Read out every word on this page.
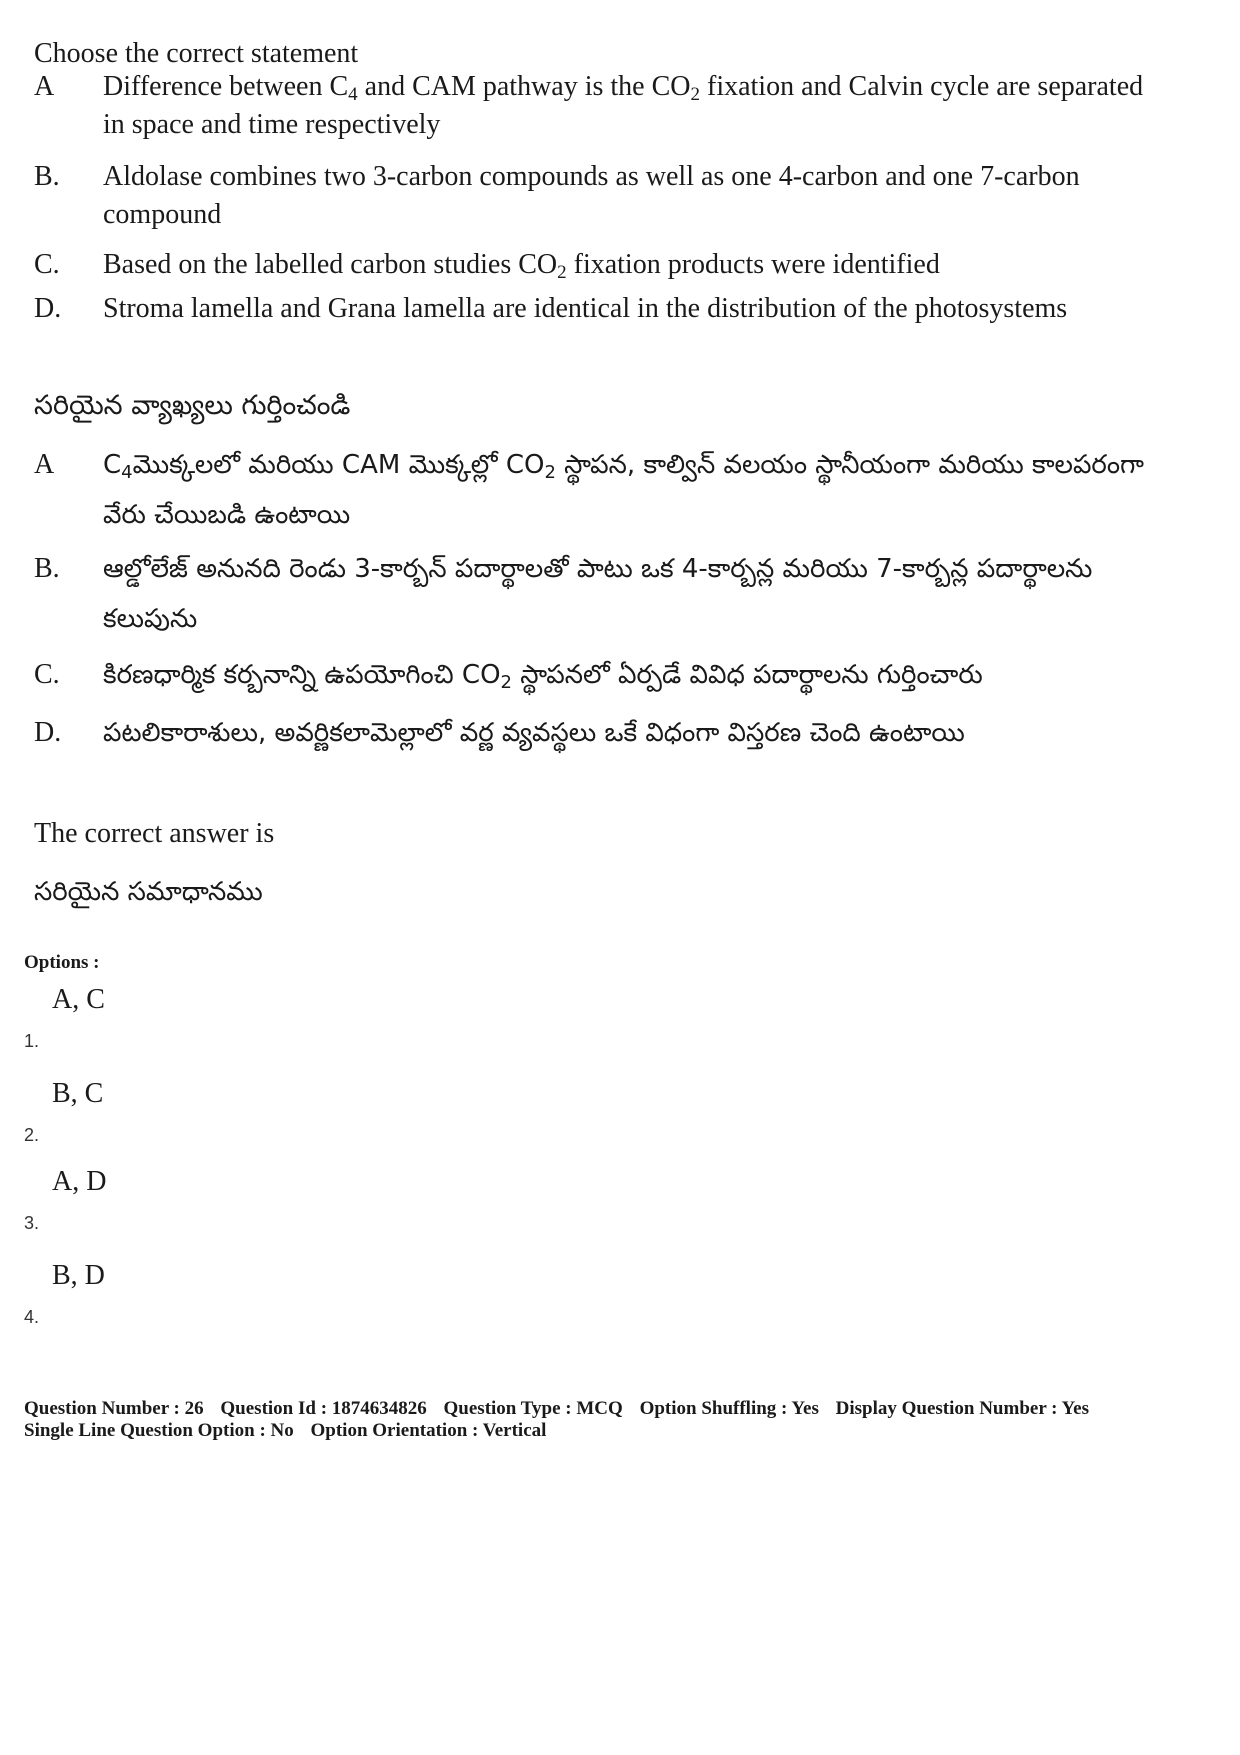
Choose the correct statement
A	Difference between $C_4$ and CAM pathway is the $CO_2$ fixation and Calvin cycle are separated in space and time respectively
B.	Aldolase combines two 3-carbon compounds as well as one 4-carbon and one 7-carbon compound
C.	Based on the labelled carbon studies $CO_2$ fixation products were identified
D.	Stroma lamella and Grana lamella are identical in the distribution of the photosystems
సరియైన వ్యాఖ్యలు గుర్తించండి
A	$C_4మొక్కలలో$ మరియు CAM మొక్కల్లో $CO_2$ స్థాపన, కాల్విన్ వలయం స్థానీయంగా మరియు కాలపరంగా వేరు చేయిబడి ఉంటాయి
B.	ఆల్డోలేజ్ అనునది రెండు 3-కార్బన్ పదార్థాలతో పాటు ఒక 4-కార్బన్ల మరియు 7-కార్బన్ల పదార్థాలను కలుపును
C.	కిరణధార్మిక కర్బనాన్ని ఉపయోగించి $CO_2$ స్థాపనలో ఏర్పడే వివిధ పదార్థాలను గుర్తించారు
D.	పటలికారాశులు, అవర్ణికలామెల్లాలో వర్ణ వ్యవస్థలు ఒకే విధంగా విస్తరణ చెంది ఉంటాయి
The correct answer is
సరియైన సమాధానము
Options :
1.
A, C
2.
B, C
3.
A, D
4.
B, D
Question Number : 26 Question Id : 1874634826 Question Type : MCQ Option Shuffling : Yes Display Question Number : Yes
Single Line Question Option : No Option Orientation : Vertical
